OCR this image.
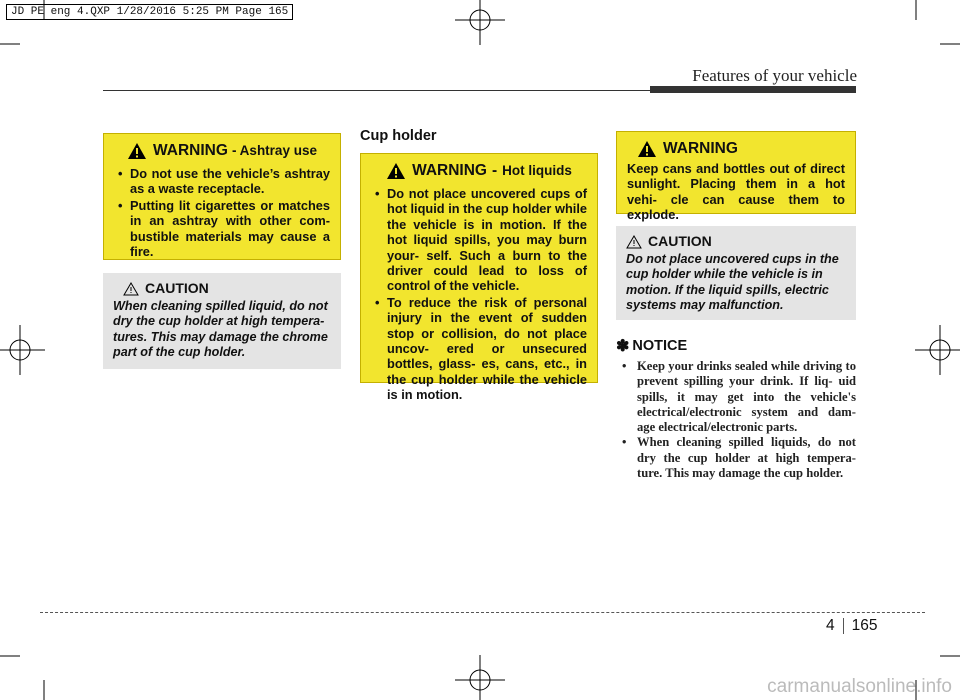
JD PE eng 4.QXP 1/28/2016 5:25 PM Page 165
Features of your vehicle
WARNING - Ashtray use
• Do not use the vehicle’s ashtray as a waste receptacle.
• Putting lit cigarettes or matches in an ashtray with other com- bustible materials may cause a fire.
CAUTION
When cleaning spilled liquid, do not dry the cup holder at high tempera- tures. This may damage the chrome part of the cup holder.
Cup holder
WARNING - Hot liquids
• Do not place uncovered cups of hot liquid in the cup holder while the vehicle is in motion. If the hot liquid spills, you may burn your- self. Such a burn to the driver could lead to loss of control of the vehicle.
• To reduce the risk of personal injury in the event of sudden stop or collision, do not place uncov- ered or unsecured bottles, glass- es, cans, etc., in the cup holder while the vehicle is in motion.
WARNING
Keep cans and bottles out of direct sunlight. Placing them in a hot vehi- cle can cause them to explode.
CAUTION
Do not place uncovered cups in the cup holder while the vehicle is in motion. If the liquid spills, electric systems may malfunction.
✽ NOTICE
• Keep your drinks sealed while driving to prevent spilling your drink. If liq- uid spills, it may get into the vehicle's electrical/electronic system and dam- age electrical/electronic parts.
• When cleaning spilled liquids, do not dry the cup holder at high tempera- ture. This may damage the cup holder.
4 165
carmanualsonline.info
